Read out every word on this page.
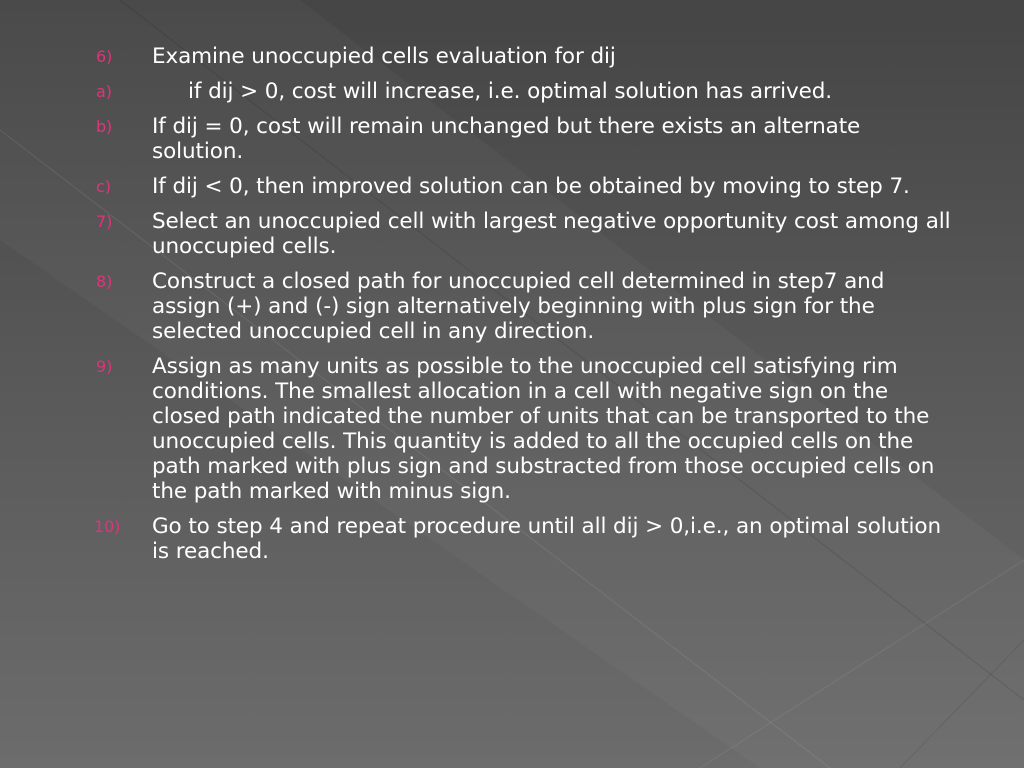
6)	Examine unoccupied cells evaluation for dij
a)	if dij > 0, cost will increase, i.e. optimal solution has arrived.
b)	If dij = 0, cost will remain unchanged but there exists an alternate solution.
c)	If dij < 0, then improved solution can be obtained by moving to step 7.
7)	Select an unoccupied cell with largest negative opportunity cost among all unoccupied cells.
8)	Construct a closed path for unoccupied cell determined in step7 and assign (+) and (-) sign alternatively beginning with plus sign for the selected unoccupied cell in any direction.
9)	Assign as many units as possible to the unoccupied cell satisfying rim conditions. The smallest allocation in a cell with negative sign on the closed path indicated the number of units that can be transported to the unoccupied cells. This quantity is added to all the occupied cells on the path marked with plus sign and substracted from those occupied cells on the path marked with minus sign.
10)	Go to step 4 and repeat procedure until all dij > 0,i.e., an optimal solution is reached.
